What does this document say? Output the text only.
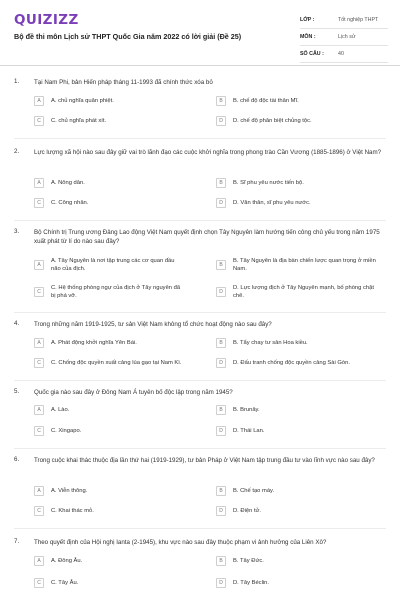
QUIZIZZ
Bộ đề thi môn Lịch sử THPT Quốc Gia năm 2022 có lời giải (Đề 25)
LỚP :	Tốt nghiệp THPT
MÔN :	Lịch sử
SỐ CÂU :	40
1. Tại Nam Phi, bản Hiến pháp tháng 11-1993 đã chính thức xóa bỏ
A	A. chủ nghĩa quân phiệt.	B	B. chế độ độc tài thân Mĩ.
C	C. chủ nghĩa phát xít.	D	D. chế độ phân biệt chủng tộc.
2. Lực lượng xã hội nào sau đây giữ vai trò lãnh đạo các cuộc khởi nghĩa trong phong trào Cần Vương (1885-1896) ở Việt Nam?
A	A. Nông dân.	B	B. Sĩ phu yêu nước tiến bộ.
C	C. Công nhân.	D	D. Văn thân, sĩ phu yêu nước.
3. Bộ Chính trị Trung ương Đảng Lao động Việt Nam quyết định chọn Tây Nguyên làm hướng tiến công chủ yếu trong năm 1975 xuất phát từ lí do nào sau đây?
A
A. Tây Nguyên là nơi tập trung các cơ quan đầu não của địch.
B
B. Tây Nguyên là địa bàn chiến lược quan trọng ở miền Nam.
C
C. Hệ thống phòng ngự của địch ở Tây nguyên đã bị phá vỡ.
D
D. Lực lượng địch ở Tây Nguyên mạnh, bố phòng chặt chẽ.
4. Trong những năm 1919-1925, tư sản Việt Nam không tổ chức hoạt động nào sau đây?
A	A. Phát động khởi nghĩa Yên Bái.	B	B. Tẩy chay tư sản Hoa kiều.
C	C. Chống độc quyền xuất cảng lúa gạo tại Nam Kì.	D	D. Đấu tranh chống độc quyền cảng Sài Gòn.
5. Quốc gia nào sau đây ở Đông Nam Á tuyên bố độc lập trong năm 1945?
A	A. Lào.	B	B. Brunây.
C	C. Xingapo.	D	D. Thái Lan.
6. Trong cuộc khai thác thuộc địa lần thứ hai (1919-1929), tư bản Pháp ở Việt Nam tập trung đầu tư vào lĩnh vực nào sau đây?
A	A. Viễn thông.	B	B. Chế tạo máy.
C	C. Khai thác mỏ.	D	D. Điện tử.
7. Theo quyết định của Hội nghị Ianta (2-1945), khu vực nào sau đây thuộc phạm vi ảnh hưởng của Liên Xô?
A	A. Đông Âu.	B	B. Tây Đức.
C	C. Tây Âu.	D	D. Tây Béclin.
